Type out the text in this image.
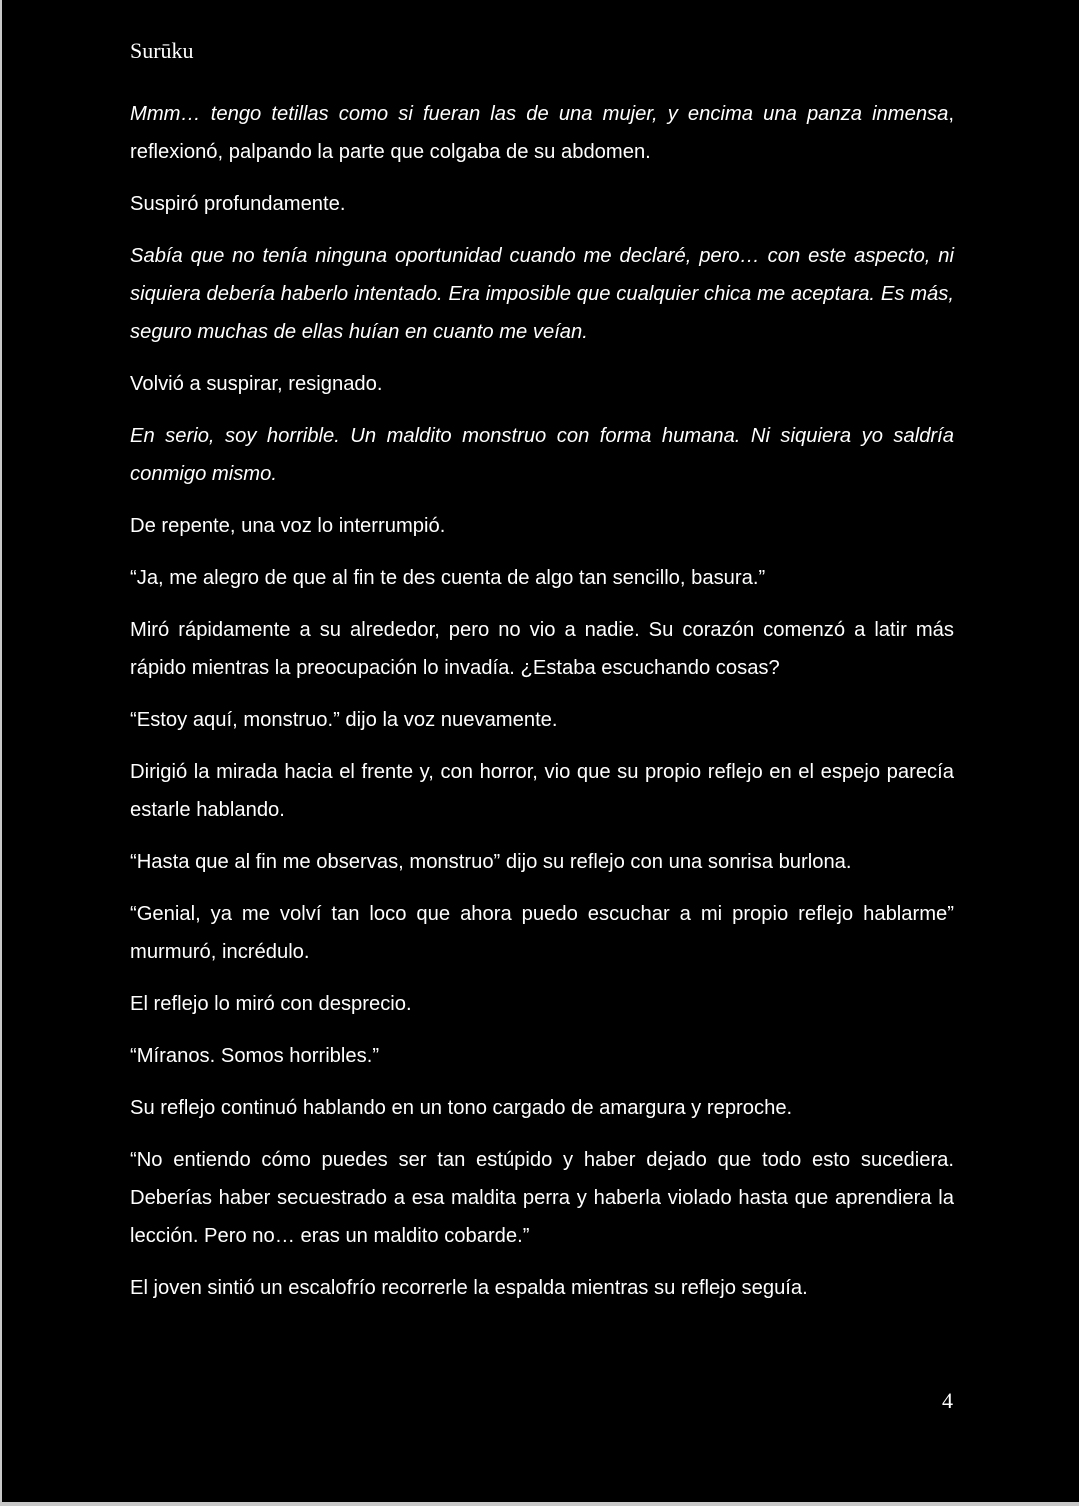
Surūku

Mmm… tengo tetillas como si fueran las de una mujer, y encima una panza inmensa, reflexionó, palpando la parte que colgaba de su abdomen.

Suspiró profundamente.

Sabía que no tenía ninguna oportunidad cuando me declaré, pero… con este aspecto, ni siquiera debería haberlo intentado. Era imposible que cualquier chica me aceptara. Es más, seguro muchas de ellas huían en cuanto me veían.

Volvió a suspirar, resignado.

En serio, soy horrible. Un maldito monstruo con forma humana. Ni siquiera yo saldría conmigo mismo.

De repente, una voz lo interrumpió.

“Ja, me alegro de que al fin te des cuenta de algo tan sencillo, basura.”

Miró rápidamente a su alrededor, pero no vio a nadie. Su corazón comenzó a latir más rápido mientras la preocupación lo invadía. ¿Estaba escuchando cosas?

“Estoy aquí, monstruo.” dijo la voz nuevamente.

Dirigió la mirada hacia el frente y, con horror, vio que su propio reflejo en el espejo parecía estarle hablando.

“Hasta que al fin me observas, monstruo” dijo su reflejo con una sonrisa burlona.

“Genial, ya me volví tan loco que ahora puedo escuchar a mi propio reflejo hablarme” murmuró, incrédulo.

El reflejo lo miró con desprecio.

“Míranos. Somos horribles.”

Su reflejo continuó hablando en un tono cargado de amargura y reproche.

“No entiendo cómo puedes ser tan estúpido y haber dejado que todo esto sucediera. Deberías haber secuestrado a esa maldita perra y haberla violado hasta que aprendiera la lección. Pero no… eras un maldito cobarde.”

El joven sintió un escalofrío recorrerle la espalda mientras su reflejo seguía.

4
